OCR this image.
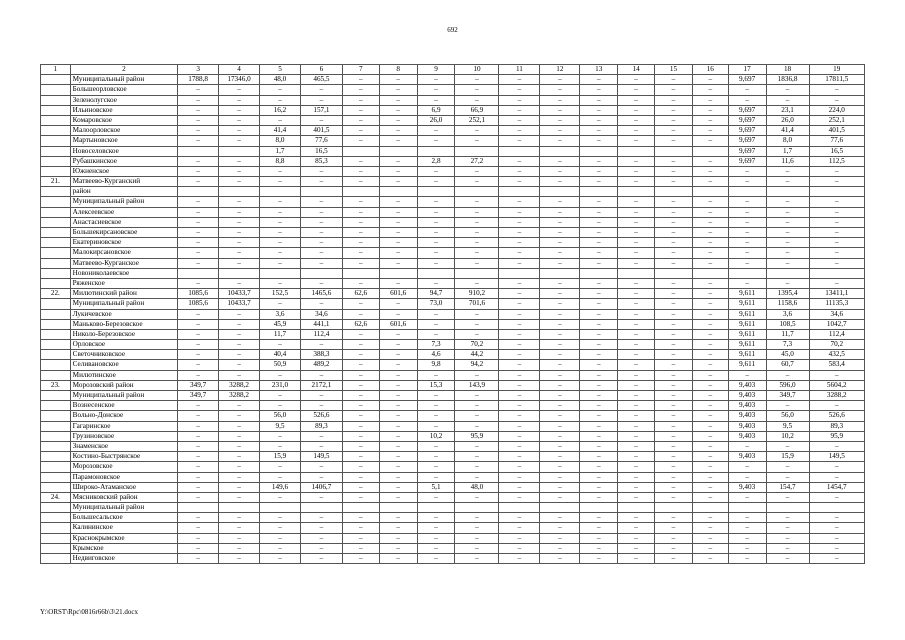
692
1	2	3	4	5	6	7	8	9	10	11	12	13	14	15	16	17	18	19
	Муниципальный район	1788,8	17346,0	48,0	465,5	–	–	–	–	–	–	–	–	–	–	9,697	1836,8	17811,5
	Большеорловское	–	–	–	–	–	–	–	–	–	–	–	–	–	–	–	–	–
	Зеленолугское	–	–	–	–	–	–	–	–	–	–	–	–	–	–	–	–	–
	Ильиновское	–	–	16,2	157,1	–	–	6,9	66,9	–	–	–	–	–	–	9,697	23,1	224,0
	Комаровское	–	–	–	–	–	–	26,0	252,1	–	–	–	–	–	–	9,697	26,0	252,1
	Малоорловское	–	–	41,4	401,5	–	–	–	–	–	–	–	–	–	–	9,697	41,4	401,5
	Мартыновское	–	–	8,0	77,6	–	–	–	–	–	–	–	–	–	–	9,697	8,0	77,6
	Новоселовское			1,7	16,5											9,697	1,7	16,5
	Рубашкинское	–	–	8,8	85,3	–	–	2,8	27,2	–	–	–	–	–	–	9,697	11,6	112,5
	Южненское	–	–	–	–	–	–	–	–	–	–	–	–	–	–	–	–	–
21.	Матвеево-Курганский	–	–	–	–	–	–	–	–	–	–	–	–	–	–	–	–	–
	район																	
	Муниципальный район	–	–	–	–	–	–	–	–	–	–	–	–	–	–	–	–	–
	Алексеевское	–	–	–	–	–	–	–	–	–	–	–	–	–	–	–	–	–
	Анастасиевское	–	–	–	–	–	–	–	–	–	–	–	–	–	–	–	–	–
	Большекирсановское	–	–	–	–	–	–	–	–	–	–	–	–	–	–	–	–	–
	Екатериновское	–	–	–	–	–	–	–	–	–	–	–	–	–	–	–	–	–
	Малокирсановское	–	–	–	–	–	–	–	–	–	–	–	–	–	–	–	–	–
	Матвеево-Курганское	–	–	–	–	–	–	–	–	–	–	–	–	–	–	–	–	–
	Новониколаевское																	
	Ряженское	–	–	–	–	–	–	–	–	–	–	–	–	–	–	–	–	–
22.	Милютинский район	1085,6	10433,7	152,5	1465,6	62,6	601,6	94,7	910,2	–	–	–	–	–	–	9,611	1395,4	13411,1
	Муниципальный район	1085,6	10433,7	–	–	–	–	73,0	701,6	–	–	–	–	–	–	9,611	1158,6	11135,3
	Лукичевское	–	–	3,6	34,6	–	–	–	–	–	–	–	–	–	–	9,611	3,6	34,6
	Маньково-Березовское	–	–	45,9	441,1	62,6	601,6	–	–	–	–	–	–	–	–	9,611	108,5	1042,7
	Николо-Березовское	–	–	11,7	112,4	–	–	–	–	–	–	–	–	–	–	9,611	11,7	112,4
	Орловское	–	–	–	–	–	–	7,3	70,2	–	–	–	–	–	–	9,611	7,3	70,2
	Светочниковское	–	–	40,4	388,3	–	–	4,6	44,2	–	–	–	–	–	–	9,611	45,0	432,5
	Селивановское	–	–	50,9	489,2	–	–	9,8	94,2	–	–	–	–	–	–	9,611	60,7	583,4
	Милютинское	–	–	–	–	–	–	–	–	–	–	–	–	–	–	–	–	–
23.	Морозовский район	349,7	3288,2	231,0	2172,1	–	–	15,3	143,9	–	–	–	–	–	–	9,403	596,0	5604,2
	Муниципальный район	349,7	3288,2	–	–	–	–	–	–	–	–	–	–	–	–	9,403	349,7	3288,2
	Вознесенское	–	–	–	–	–	–	–	–	–	–	–	–	–	–	9,403	–	–
	Вольно-Донское	–	–	56,0	526,6	–	–	–	–	–	–	–	–	–	–	9,403	56,0	526,6
	Гагаринское	–	–	9,5	89,3	–	–	–	–	–	–	–	–	–	–	9,403	9,5	89,3
	Грузиновское	–	–	–	–	–	–	10,2	95,9	–	–	–	–	–	–	9,403	10,2	95,9
	Знаменское	–	–	–	–	–	–	–	–	–	–	–	–	–	–	–	–	–
	Костино-Быстрянское	–	–	15,9	149,5	–	–	–	–	–	–	–	–	–	–	9,403	15,9	149,5
	Морозовское	–	–	–	–	–	–	–	–	–	–	–	–	–	–	–	–	–
	Парамоновское	–	–	–	–	–	–	–	–	–	–	–	–	–	–	–	–	–
	Широко-Атаманское	–	–	149,6	1406,7	–	–	5,1	48,0	–	–	–	–	–	–	9,403	154,7	1454,7
24.	Мясниковский район	–	–	–	–	–	–	–	–	–	–	–	–	–	–	–	–	–
	Муниципальный район																	
	Большесальское	–	–	–	–	–	–	–	–	–	–	–	–	–	–	–	–	–
	Калининское	–	–	–	–	–	–	–	–	–	–	–	–	–	–	–	–	–
	Краснокрымское	–	–	–	–	–	–	–	–	–	–	–	–	–	–	–	–	–
	Крымское	–	–	–	–	–	–	–	–	–	–	–	–	–	–	–	–	–
	Недвиговское	–	–	–	–	–	–	–	–	–	–	–	–	–	–	–	–	–
Y:\ORST\Rpc\0816r66b\3\21.docx
